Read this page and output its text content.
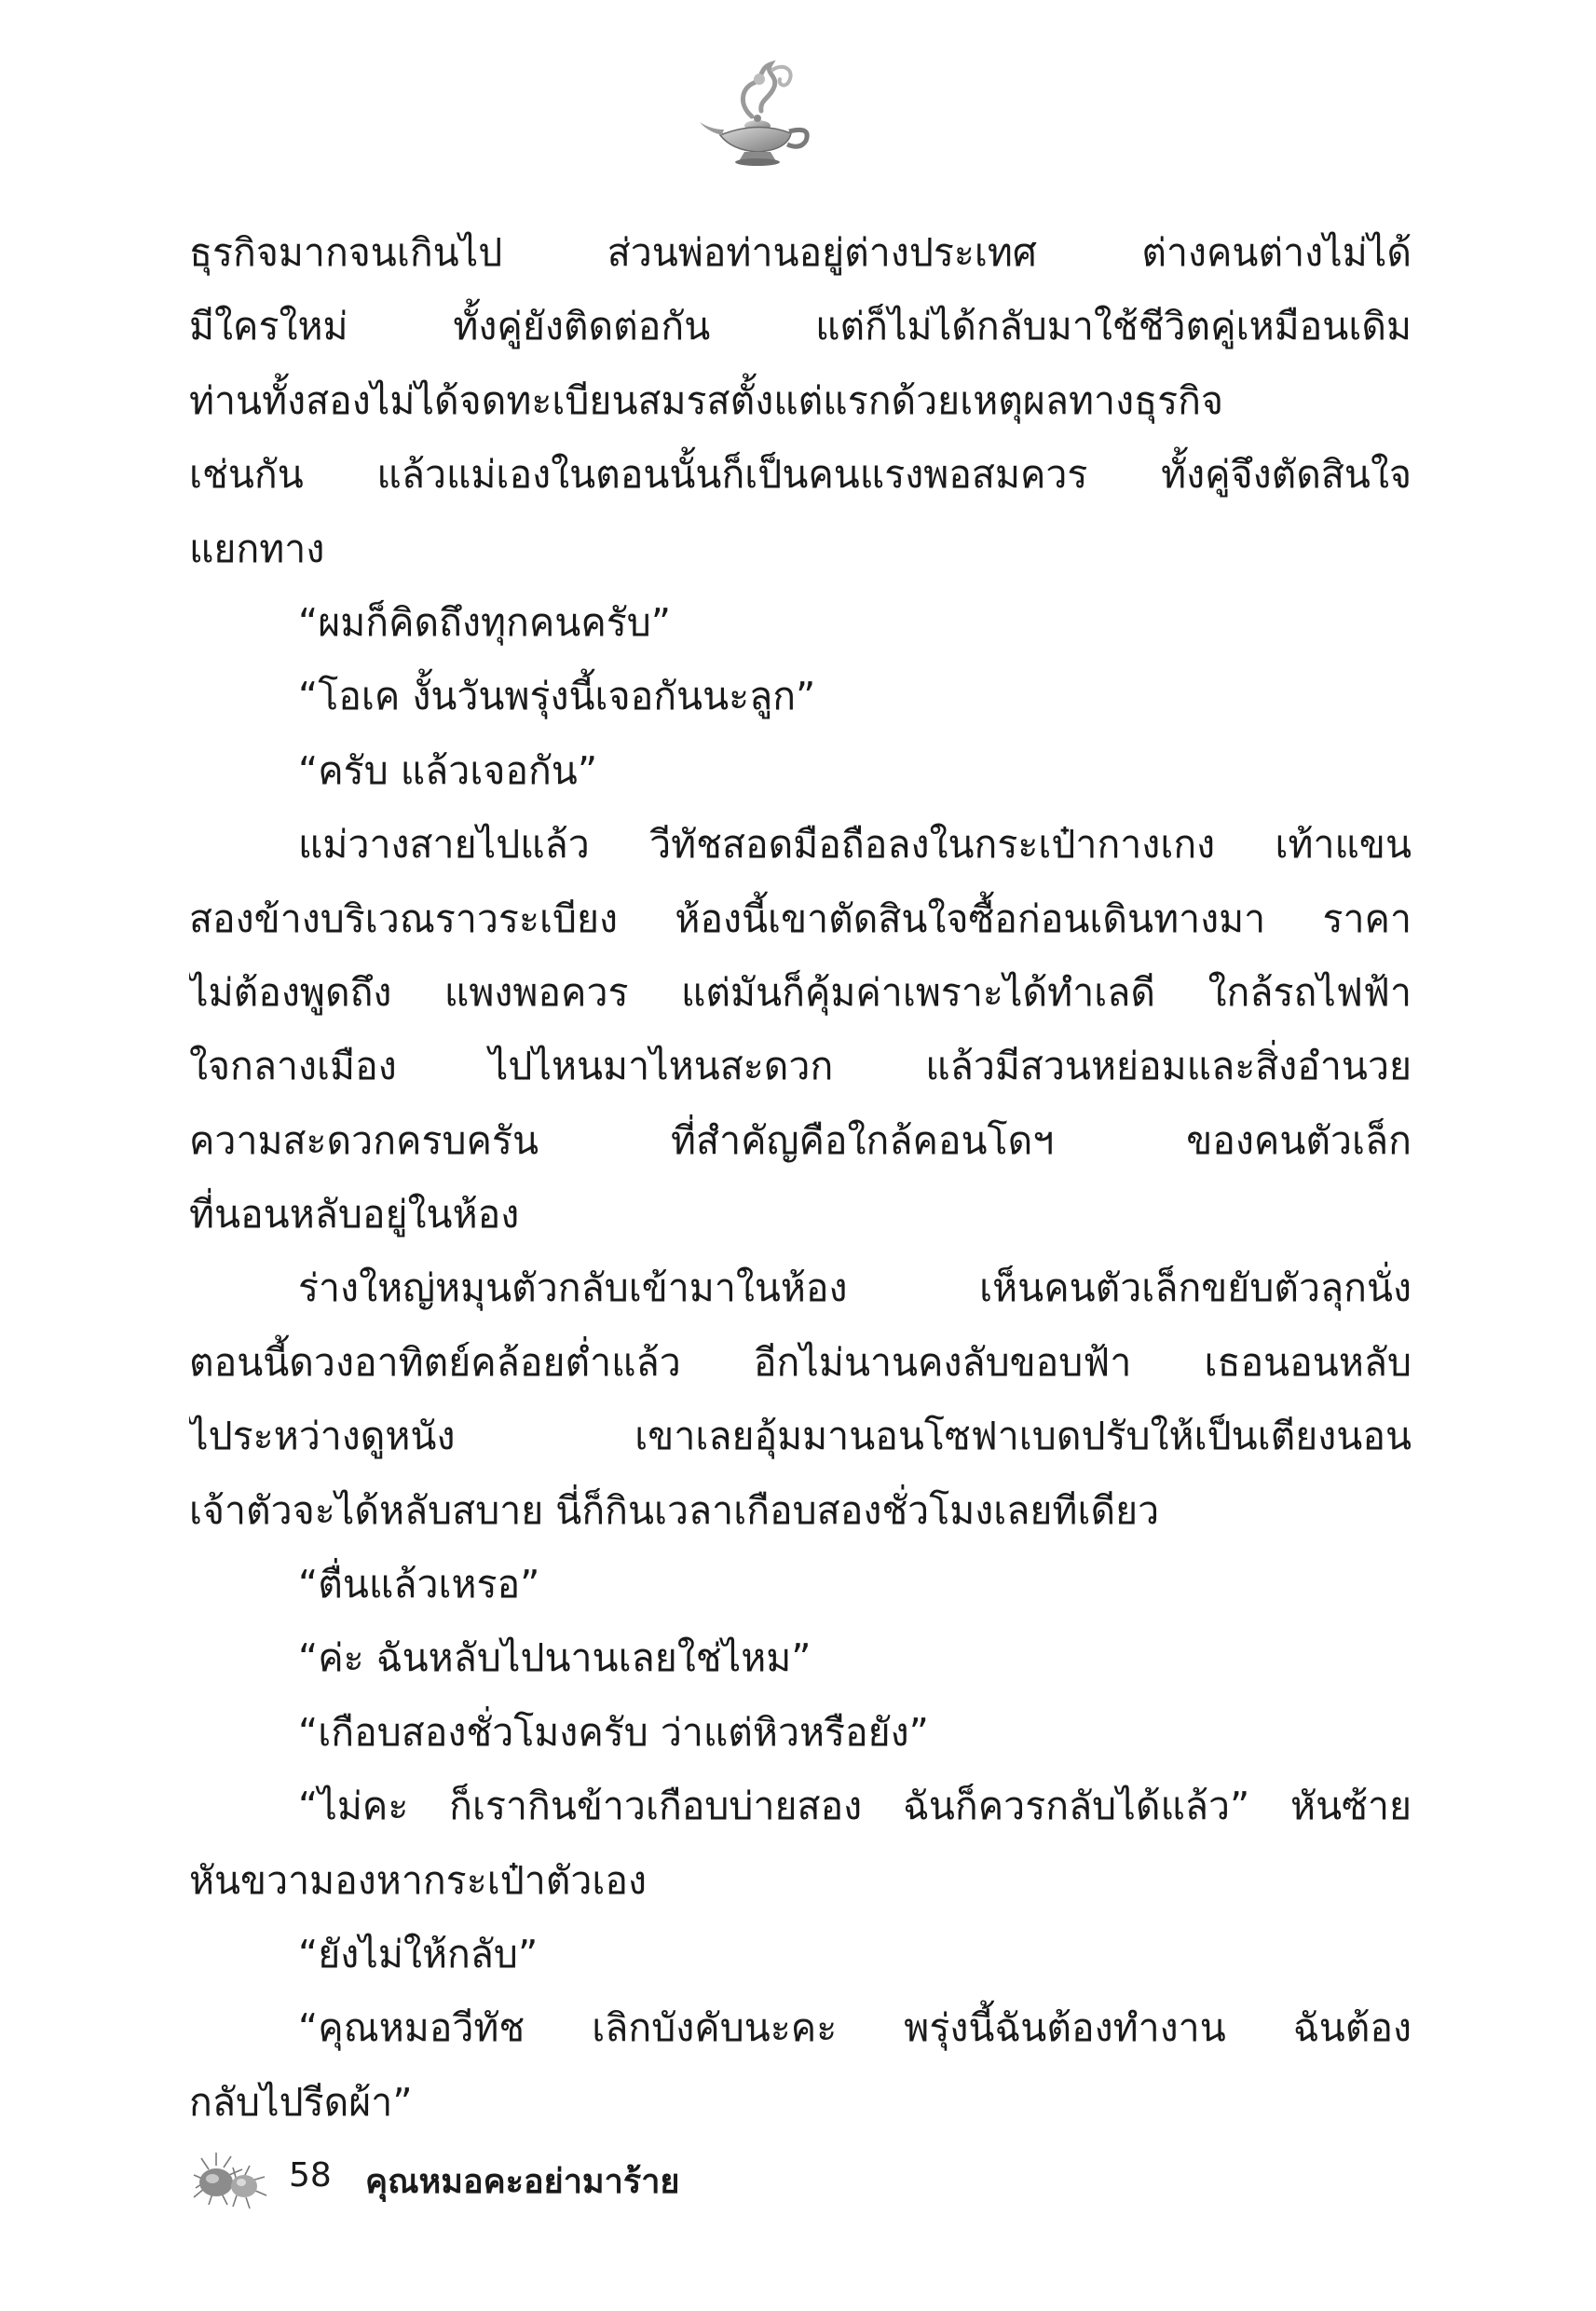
ธุรกิจมากจนเกินไป ส่วนพ่อท่านอยู่ต่างประเทศ ต่างคนต่างไม่ได้
มีใครใหม่ ทั้งคู่ยังติดต่อกัน แต่ก็ไม่ได้กลับมาใช้ชีวิตคู่เหมือนเดิม
ท่านทั้งสองไม่ได้จดทะเบียนสมรสตั้งแต่แรกด้วยเหตุผลทางธุรกิจ
เช่นกัน แล้วแม่เองในตอนนั้นก็เป็นคนแรงพอสมควร ทั้งคู่จึงตัดสินใจ
แยกทาง
“ผมก็คิดถึงทุกคนครับ”
“โอเค งั้นวันพรุ่งนี้เจอกันนะลูก”
“ครับ แล้วเจอกัน”
แม่วางสายไปแล้ว วีทัชสอดมือถือลงในกระเป๋ากางเกง เท้าแขน
สองข้างบริเวณราวระเบียง ห้องนี้เขาตัดสินใจซื้อก่อนเดินทางมา ราคา
ไม่ต้องพูดถึง แพงพอควร แต่มันก็คุ้มค่าเพราะได้ทำเลดี ใกล้รถไฟฟ้า
ใจกลางเมือง ไปไหนมาไหนสะดวก แล้วมีสวนหย่อมและสิ่งอำนวย
ความสะดวกครบครัน ที่สำคัญคือใกล้คอนโดฯ ของคนตัวเล็ก
ที่นอนหลับอยู่ในห้อง
ร่างใหญ่หมุนตัวกลับเข้ามาในห้อง เห็นคนตัวเล็กขยับตัวลุกนั่ง
ตอนนี้ดวงอาทิตย์คล้อยต่ำแล้ว อีกไม่นานคงลับขอบฟ้า เธอนอนหลับ
ไประหว่างดูหนัง เขาเลยอุ้มมานอนโซฟาเบดปรับให้เป็นเตียงนอน
เจ้าตัวจะได้หลับสบาย นี่ก็กินเวลาเกือบสองชั่วโมงเลยทีเดียว
“ตื่นแล้วเหรอ”
“ค่ะ ฉันหลับไปนานเลยใช่ไหม”
“เกือบสองชั่วโมงครับ ว่าแต่หิวหรือยัง”
“ไม่คะ ก็เรากินข้าวเกือบบ่ายสอง ฉันก็ควรกลับได้แล้ว” หันซ้าย
หันขวามองหากระเป๋าตัวเอง
“ยังไม่ให้กลับ”
“คุณหมอวีทัช เลิกบังคับนะคะ พรุ่งนี้ฉันต้องทำงาน ฉันต้อง
กลับไปรีดผ้า”
58 คุณหมอคะอย่ามาร้าย
